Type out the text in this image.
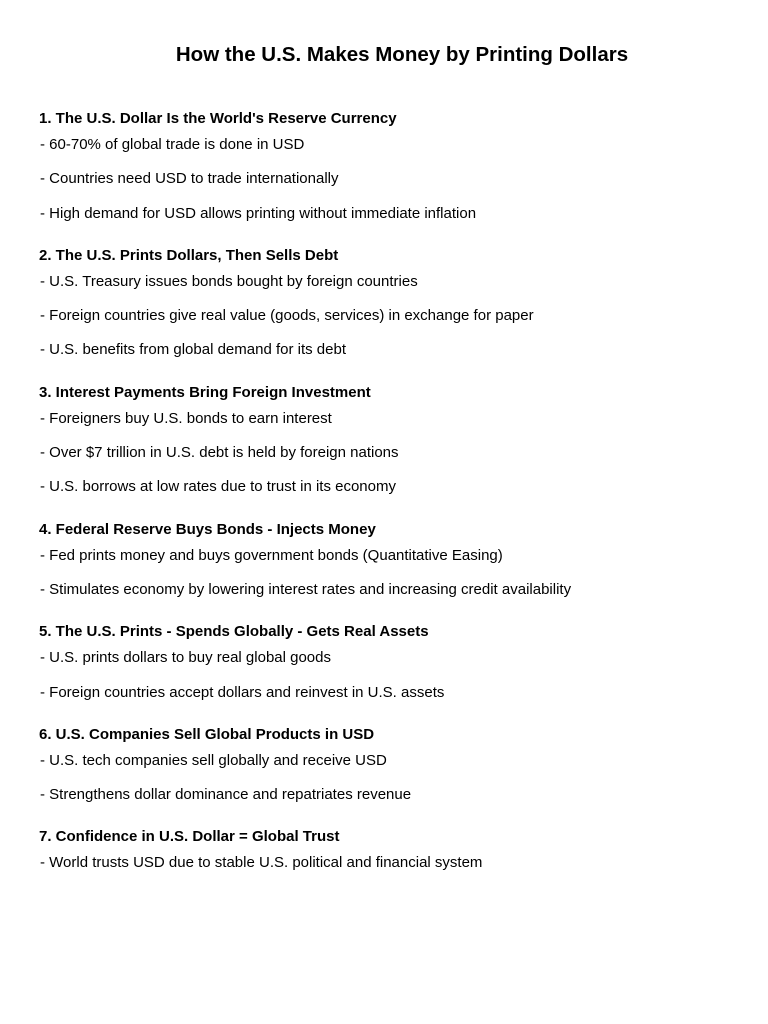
How the U.S. Makes Money by Printing Dollars
1. The U.S. Dollar Is the World's Reserve Currency
- 60-70% of global trade is done in USD
- Countries need USD to trade internationally
- High demand for USD allows printing without immediate inflation
2. The U.S. Prints Dollars, Then Sells Debt
- U.S. Treasury issues bonds bought by foreign countries
- Foreign countries give real value (goods, services) in exchange for paper
- U.S. benefits from global demand for its debt
3. Interest Payments Bring Foreign Investment
- Foreigners buy U.S. bonds to earn interest
- Over $7 trillion in U.S. debt is held by foreign nations
- U.S. borrows at low rates due to trust in its economy
4. Federal Reserve Buys Bonds - Injects Money
- Fed prints money and buys government bonds (Quantitative Easing)
- Stimulates economy by lowering interest rates and increasing credit availability
5. The U.S. Prints - Spends Globally - Gets Real Assets
- U.S. prints dollars to buy real global goods
- Foreign countries accept dollars and reinvest in U.S. assets
6. U.S. Companies Sell Global Products in USD
- U.S. tech companies sell globally and receive USD
- Strengthens dollar dominance and repatriates revenue
7. Confidence in U.S. Dollar = Global Trust
- World trusts USD due to stable U.S. political and financial system
